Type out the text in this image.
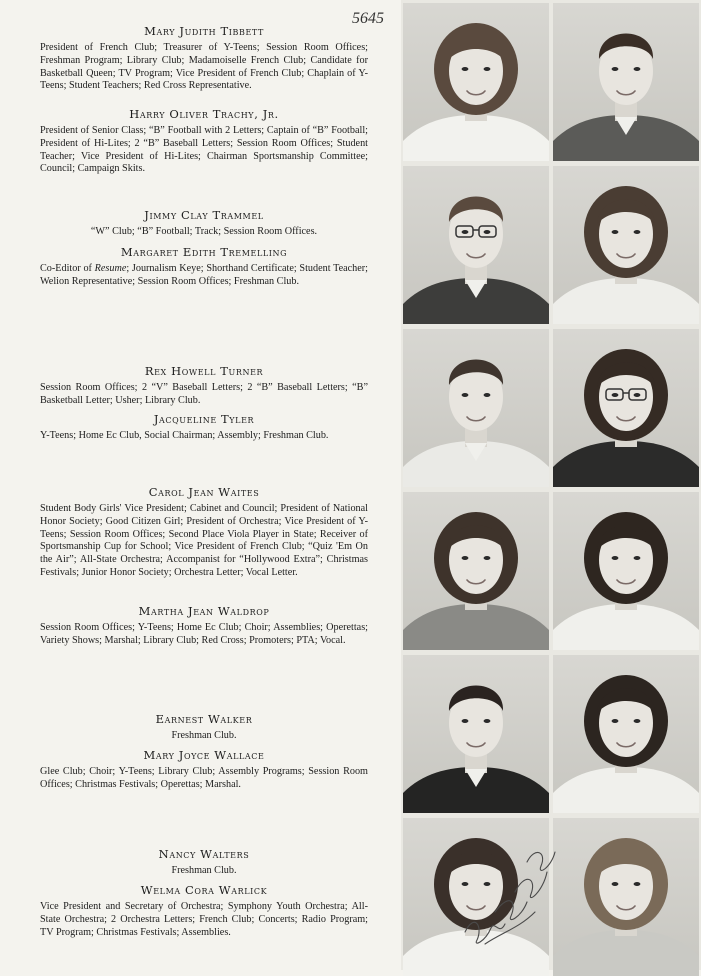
5645

Mary Judith Tibbett

President of French Club; Treasurer of Y-Teens; Session Room Offices; Freshman Program; Library Club; Madamoiselle French Club; Candidate for Basketball Queen; TV Program; Vice President of French Club; Chaplain of Y-Teens; Student Teachers; Red Cross Representative.

Harry Oliver Trachy, Jr.

President of Senior Class; “B” Football with 2 Letters; Captain of “B” Football; President of Hi-Lites; 2 “B” Baseball Letters; Session Room Offices; Student Teacher; Vice President of Hi-Lites; Chairman Sportsmanship Committee; Council; Campaign Skits.

Jimmy Clay Trammel

“W” Club; “B” Football; Track; Session Room Offices.

Margaret Edith Tremelling

Co-Editor of Resume; Journalism Keye; Shorthand Certificate; Student Teacher; Welion Representative; Session Room Offices; Freshman Club.

Rex Howell Turner

Session Room Offices; 2 “V” Baseball Letters; 2 “B” Baseball Letters; “B” Basketball Letter; Usher; Library Club.

Jacqueline Tyler

Y-Teens; Home Ec Club, Social Chairman; Assembly; Freshman Club.

Carol Jean Waites

Student Body Girls' Vice President; Cabinet and Council; President of National Honor Society; Good Citizen Girl; President of Orchestra; Vice President of Y-Teens; Session Room Offices; Second Place Viola Player in State; Receiver of Sportsmanship Cup for School; Vice President of French Club; “Quiz 'Em On the Air”; All-State Orchestra; Accompanist for “Hollywood Extra”; Christmas Festivals; Junior Honor Society; Orchestra Letter; Vocal Letter.

Martha Jean Waldrop

Session Room Offices; Y-Teens; Home Ec Club; Choir; Assemblies; Operettas; Variety Shows; Marshal; Library Club; Red Cross; Promoters; PTA; Vocal.

Earnest Walker

Freshman Club.

Mary Joyce Wallace

Glee Club; Choir; Y-Teens; Library Club; Assembly Programs; Session Room Offices; Christmas Festivals; Operettas; Marshal.

Nancy Walters

Freshman Club.

Welma Cora Warlick

Vice President and Secretary of Orchestra; Symphony Youth Orchestra; All-State Orchestra; 2 Orchestra Letters; French Club; Concerts; Radio Program; TV Program; Christmas Festivals; Assemblies.
